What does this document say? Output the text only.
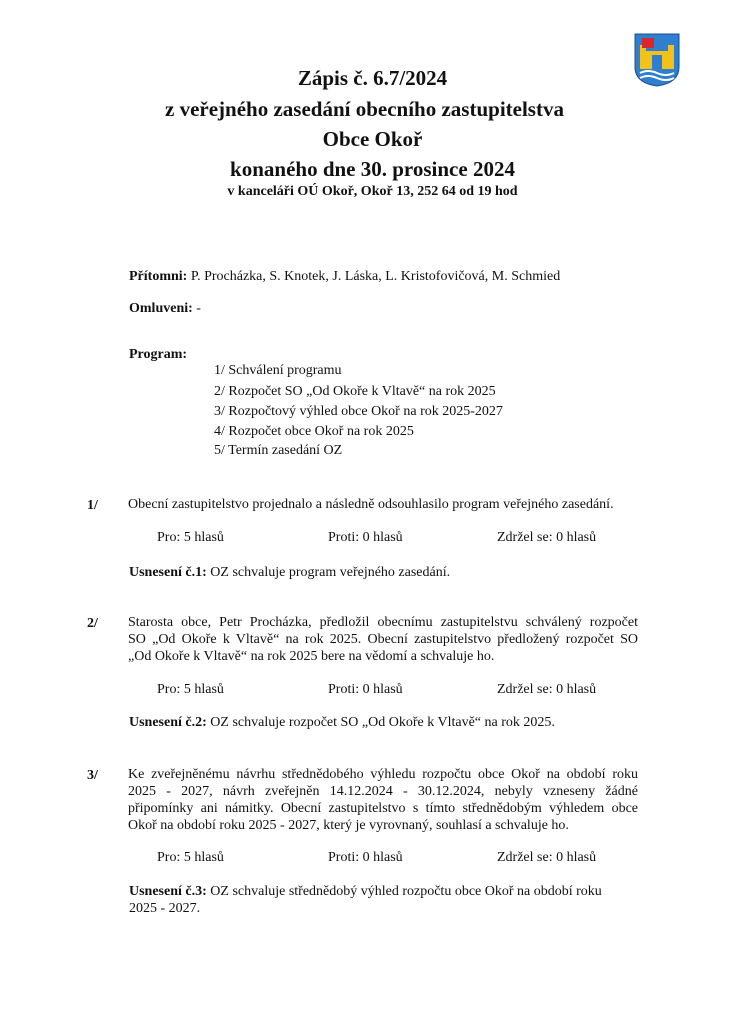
Zápis č. 6.7/2024
z veřejného zasedání obecního zastupitelstva
Obce Okoř
konaného dne 30. prosince 2024
v kanceláři OÚ Okoř, Okoř 13, 252 64 od 19 hod
Přítomni: P. Procházka, S. Knotek, J. Láska, L. Kristofovičová, M. Schmied
Omluveni: -
Program:
1/ Schválení programu
2/ Rozpočet SO „Od Okoře k Vltavě“ na rok 2025
3/ Rozpočtový výhled obce Okoř na rok 2025-2027
4/ Rozpočet obce Okoř na rok 2025
5/ Termín zasedání OZ
1/ Obecní zastupitelstvo projednalo a následně odsouhlasilo program veřejného zasedání.
Pro: 5 hlasů	Proti: 0 hlasů	Zdržel se: 0 hlasů
Usnesení č.1: OZ schvaluje program veřejného zasedání.
2/ Starosta obce, Petr Procházka, předložil obecnímu zastupitelstvu schválený rozpočet
SO „Od Okoře k Vltavě“ na rok 2025. Obecní zastupitelstvo předložený rozpočet SO
„Od Okoře k Vltavě“ na rok 2025 bere na vědomí a schvaluje ho.
Pro: 5 hlasů	Proti: 0 hlasů	Zdržel se: 0 hlasů
Usnesení č.2: OZ schvaluje rozpočet SO „Od Okoře k Vltavě“ na rok 2025.
3/ Ke zveřejněnému návrhu střednědobého výhledu rozpočtu obce Okoř na období roku
2025 - 2027, návrh zveřejněn 14.12.2024 - 30.12.2024, nebyly vzneseny žádné
připomínky ani námitky. Obecní zastupitelstvo s tímto střednědobým výhledem obce
Okoř na období roku 2025 - 2027, který je vyrovnaný, souhlasí a schvaluje ho.
Pro: 5 hlasů	Proti: 0 hlasů	Zdržel se: 0 hlasů
Usnesení č.3: OZ schvaluje střednědobý výhled rozpočtu obce Okoř na období roku
2025 - 2027.
